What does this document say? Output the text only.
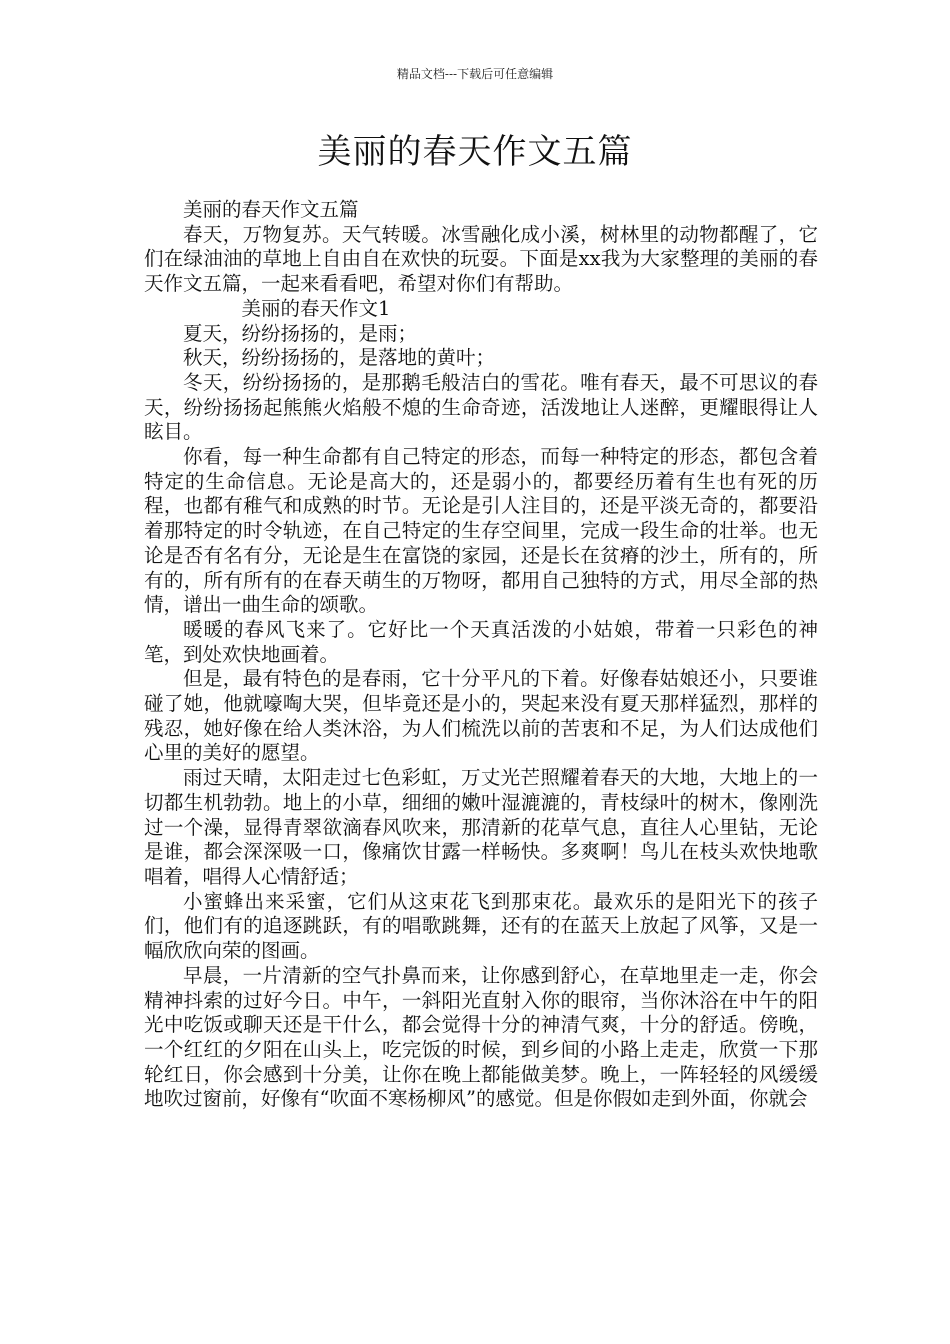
精品文档---下载后可任意编辑
美丽的春天作文五篇

美丽的春天作文五篇

春天，万物复苏。天气转暖。冰雪融化成小溪，树林里的动物都醒了，它们在绿油油的草地上自由自在欢快的玩耍。下面是xx我为大家整理的美丽的春天作文五篇，一起来看看吧，希望对你们有帮助。

美丽的春天作文1

夏天，纷纷扬扬的，是雨；

秋天，纷纷扬扬的，是落地的黄叶；

冬天，纷纷扬扬的，是那鹅毛般洁白的雪花。唯有春天，最不可思议的春天，纷纷扬扬起熊熊火焰般不熄的生命奇迹，活泼地让人迷醉，更耀眼得让人眩目。

你看，每一种生命都有自己特定的形态，而每一种特定的形态，都包含着特定的生命信息。无论是高大的，还是弱小的，都要经历着有生也有死的历程，也都有稚气和成熟的时节。无论是引人注目的，还是平淡无奇的，都要沿着那特定的时令轨迹，在自己特定的生存空间里，完成一段生命的壮举。也无论是否有名有分，无论是生在富饶的家园，还是长在贫瘠的沙土，所有的，所有的，所有所有的在春天萌生的万物呀，都用自己独特的方式，用尽全部的热情，谱出一曲生命的颂歌。

暖暖的春风飞来了。它好比一个天真活泼的小姑娘，带着一只彩色的神笔，到处欢快地画着。

但是，最有特色的是春雨，它十分平凡的下着。好像春姑娘还小，只要谁碰了她，他就嚎啕大哭，但毕竟还是小的，哭起来没有夏天那样猛烈，那样的残忍，她好像在给人类沐浴，为人们梳洗以前的苦衷和不足，为人们达成他们心里的美好的愿望。

雨过天晴，太阳走过七色彩虹，万丈光芒照耀着春天的大地，大地上的一切都生机勃勃。地上的小草，细细的嫩叶湿漉漉的，青枝绿叶的树木，像刚洗过一个澡，显得青翠欲滴春风吹来，那清新的花草气息，直往人心里钻，无论是谁，都会深深吸一口，像痛饮甘露一样畅快。多爽啊！鸟儿在枝头欢快地歌唱着，唱得人心情舒适；

小蜜蜂出来采蜜，它们从这束花飞到那束花。最欢乐的是阳光下的孩子们，他们有的追逐跳跃，有的唱歌跳舞，还有的在蓝天上放起了风筝，又是一幅欣欣向荣的图画。

早晨，一片清新的空气扑鼻而来，让你感到舒心，在草地里走一走，你会精神抖索的过好今日。中午，一斜阳光直射入你的眼帘，当你沐浴在中午的阳光中吃饭或聊天还是干什么，都会觉得十分的神清气爽，十分的舒适。傍晚，一个红红的夕阳在山头上，吃完饭的时候，到乡间的小路上走走，欣赏一下那轮红日，你会感到十分美，让你在晚上都能做美梦。晚上，一阵轻轻的风缓缓地吹过窗前，好像有“吹面不寒杨柳风”的感觉。但是你假如走到外面，你就会
